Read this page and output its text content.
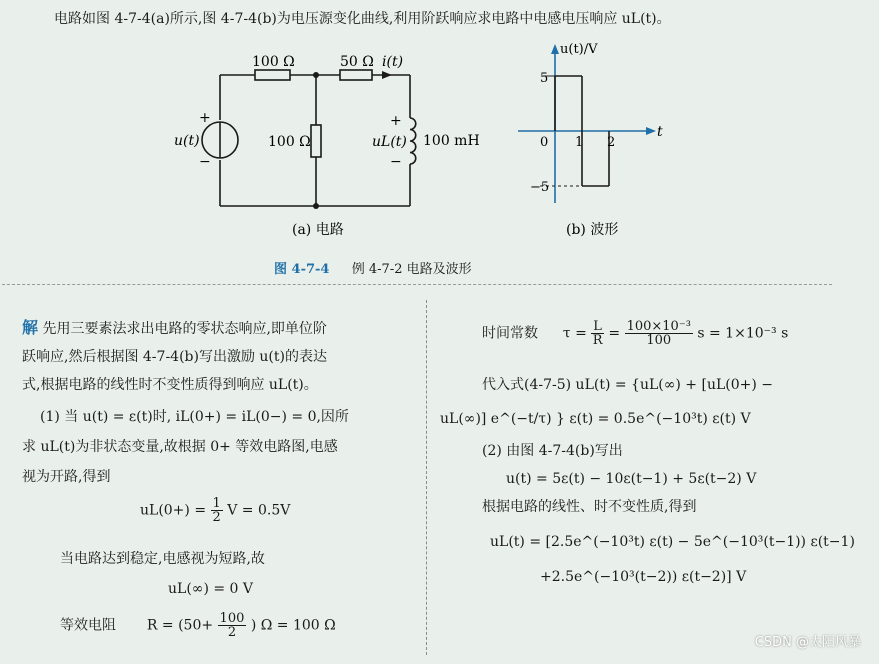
电路如图 4-7-4(a)所示,图 4-7-4(b)为电压源变化曲线,利用阶跃响应求电路中电感电压响应 uL(t)。
100 Ω	50 Ω
100 Ω	100 mH
u(t)
i(t)
uL(t)
+
−
+
−
(a) 电路
u(t)/V
t
5
−5
0 1 2
(b) 波形
图 4-7-4 例 4-7-2 电路及波形
解 先用三要素法求出电路的零状态响应,即单位阶
跃响应,然后根据图 4-7-4(b)写出激励 u(t)的表达
式,根据电路的线性时不变性质得到响应 uL(t)。
(1) 当 u(t) = ε(t)时, iL(0+) = iL(0−) = 0,因所
求 uL(t)为非状态变量,故根据 0+ 等效电路图,电感
视为开路,得到
$uL(0+) = \frac{1}{2}$ V = 0.5V
当电路达到稳定,电感视为短路,故
uL(∞) = 0 V
等效电阻 $R = (50+ \frac{100}{2}$ ) Ω = 100 Ω
时间常数 $\tau = \frac{L}{R} = \frac{\text{100×10⁻³}}{100}$ s = 1×10⁻³ s
代入式(4-7-5) uL(t) = {uL(∞) + [uL(0+) −
uL(∞)] e^(−t/τ) } ε(t) = 0.5e^(−10³t) ε(t) V
(2) 由图 4-7-4(b)写出
u(t) = 5ε(t) − 10ε(t−1) + 5ε(t−2) V
根据电路的线性、时不变性质,得到
uL(t) = [2.5e^(−10³t) ε(t) − 5e^(−10³(t−1)) ε(t−1)
+2.5e^(−10³(t−2)) ε(t−2)] V
CSDN @太阳风暴
